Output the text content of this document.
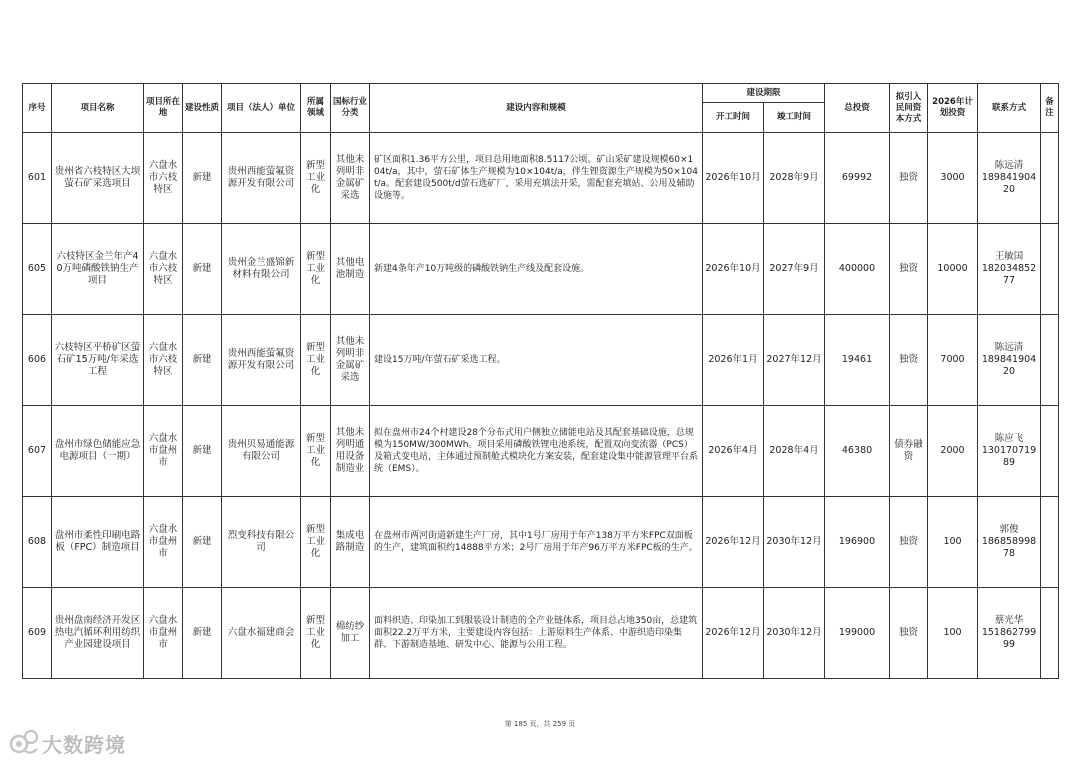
序号	项目名称	项目所在地	建设性质	项目（法人）单位	所属领域	国标行业分类	建设内容和规模	建设期限		总投资	拟引入民间资本方式	2026年计划投资	联系方式	备注
								开工时间	竣工时间					
601	贵州省六枝特区大坝萤石矿采选项目	六盘水市六枝特区	新建	贵州西能萤氟资源开发有限公司	新型工业化	其他未列明非金属矿采选	矿区面积1.36平方公里，项目总用地面积8.5117公顷。矿山采矿建设规模60×104t/a，其中，萤石矿体生产规模为10×104t/a，伴生锂资源生产规模为50×104t/a。配套建设500t/d萤石选矿厂，采用充填法开采，需配套充填站、公用及辅助设施等。	2026年10月	2028年9月	69992	独资	3000	陈远清
18984190420	

605	六枝特区金兰年产40万吨磷酸铁钠生产项目	六盘水市六枝特区	新建	贵州金兰盛锦新材料有限公司	新型工业化	其他电池制造	新建4条年产10万吨级的磷酸铁钠生产线及配套设施。	2026年10月	2027年9月	400000	独资	10000	王敏国
18203485277	

606	六枝特区平桥矿区萤石矿15万吨/年采选工程	六盘水市六枝特区	新建	贵州西能萤氟资源开发有限公司	新型工业化	其他未列明非金属矿采选	建设15万吨/年萤石矿采选工程。	2026年1月	2027年12月	19461	独资	7000	陈远清
18984190420	

607	盘州市绿色储能应急电源项目（一期）	六盘水市盘州市	新建	贵州贝易通能源有限公司	新型工业化	其他未列明通用设备制造业	拟在盘州市24个村建设28个分布式用户侧独立储能电站及其配套基础设施，总规模为150MW/300MWh。项目采用磷酸铁锂电池系统，配置双向变流器（PCS）及箱式变电站，主体通过预制舱式模块化方案安装，配套建设集中能源管理平台系统（EMS）。	2026年4月	2028年4月	46380	债券融资	2000	陈应飞
13017071989	

608	盘州市柔性印刷电路板（FPC）制造项目	六盘水市盘州市	新建	烈变科技有限公司	新型工业化	集成电路制造	在盘州市两河街道新建生产厂房，其中1号厂房用于年产138万平方米FPC双面板的生产，建筑面积约14888平方米；2号厂房用于年产96万平方米FPC板的生产。	2026年12月	2030年12月	196900	独资	100	郭俊
18685899878	

609	贵州盘南经济开发区热电汽循环利用纺织产业园建设项目	六盘水市盘州市	新建	六盘水福建商会	新型工业化	棉纺纱加工	面料织造、印染加工到服装设计制造的全产业链体系，项目总占地350亩，总建筑面积22.2万平方米，主要建设内容包括：上游原料生产体系、中游织造印染集群、下游制造基地、研发中心、能源与公用工程。	2026年12月	2030年12月	199000	独资	100	蔡光华
15186279999	

第 185 页，共 259 页
大数跨境
